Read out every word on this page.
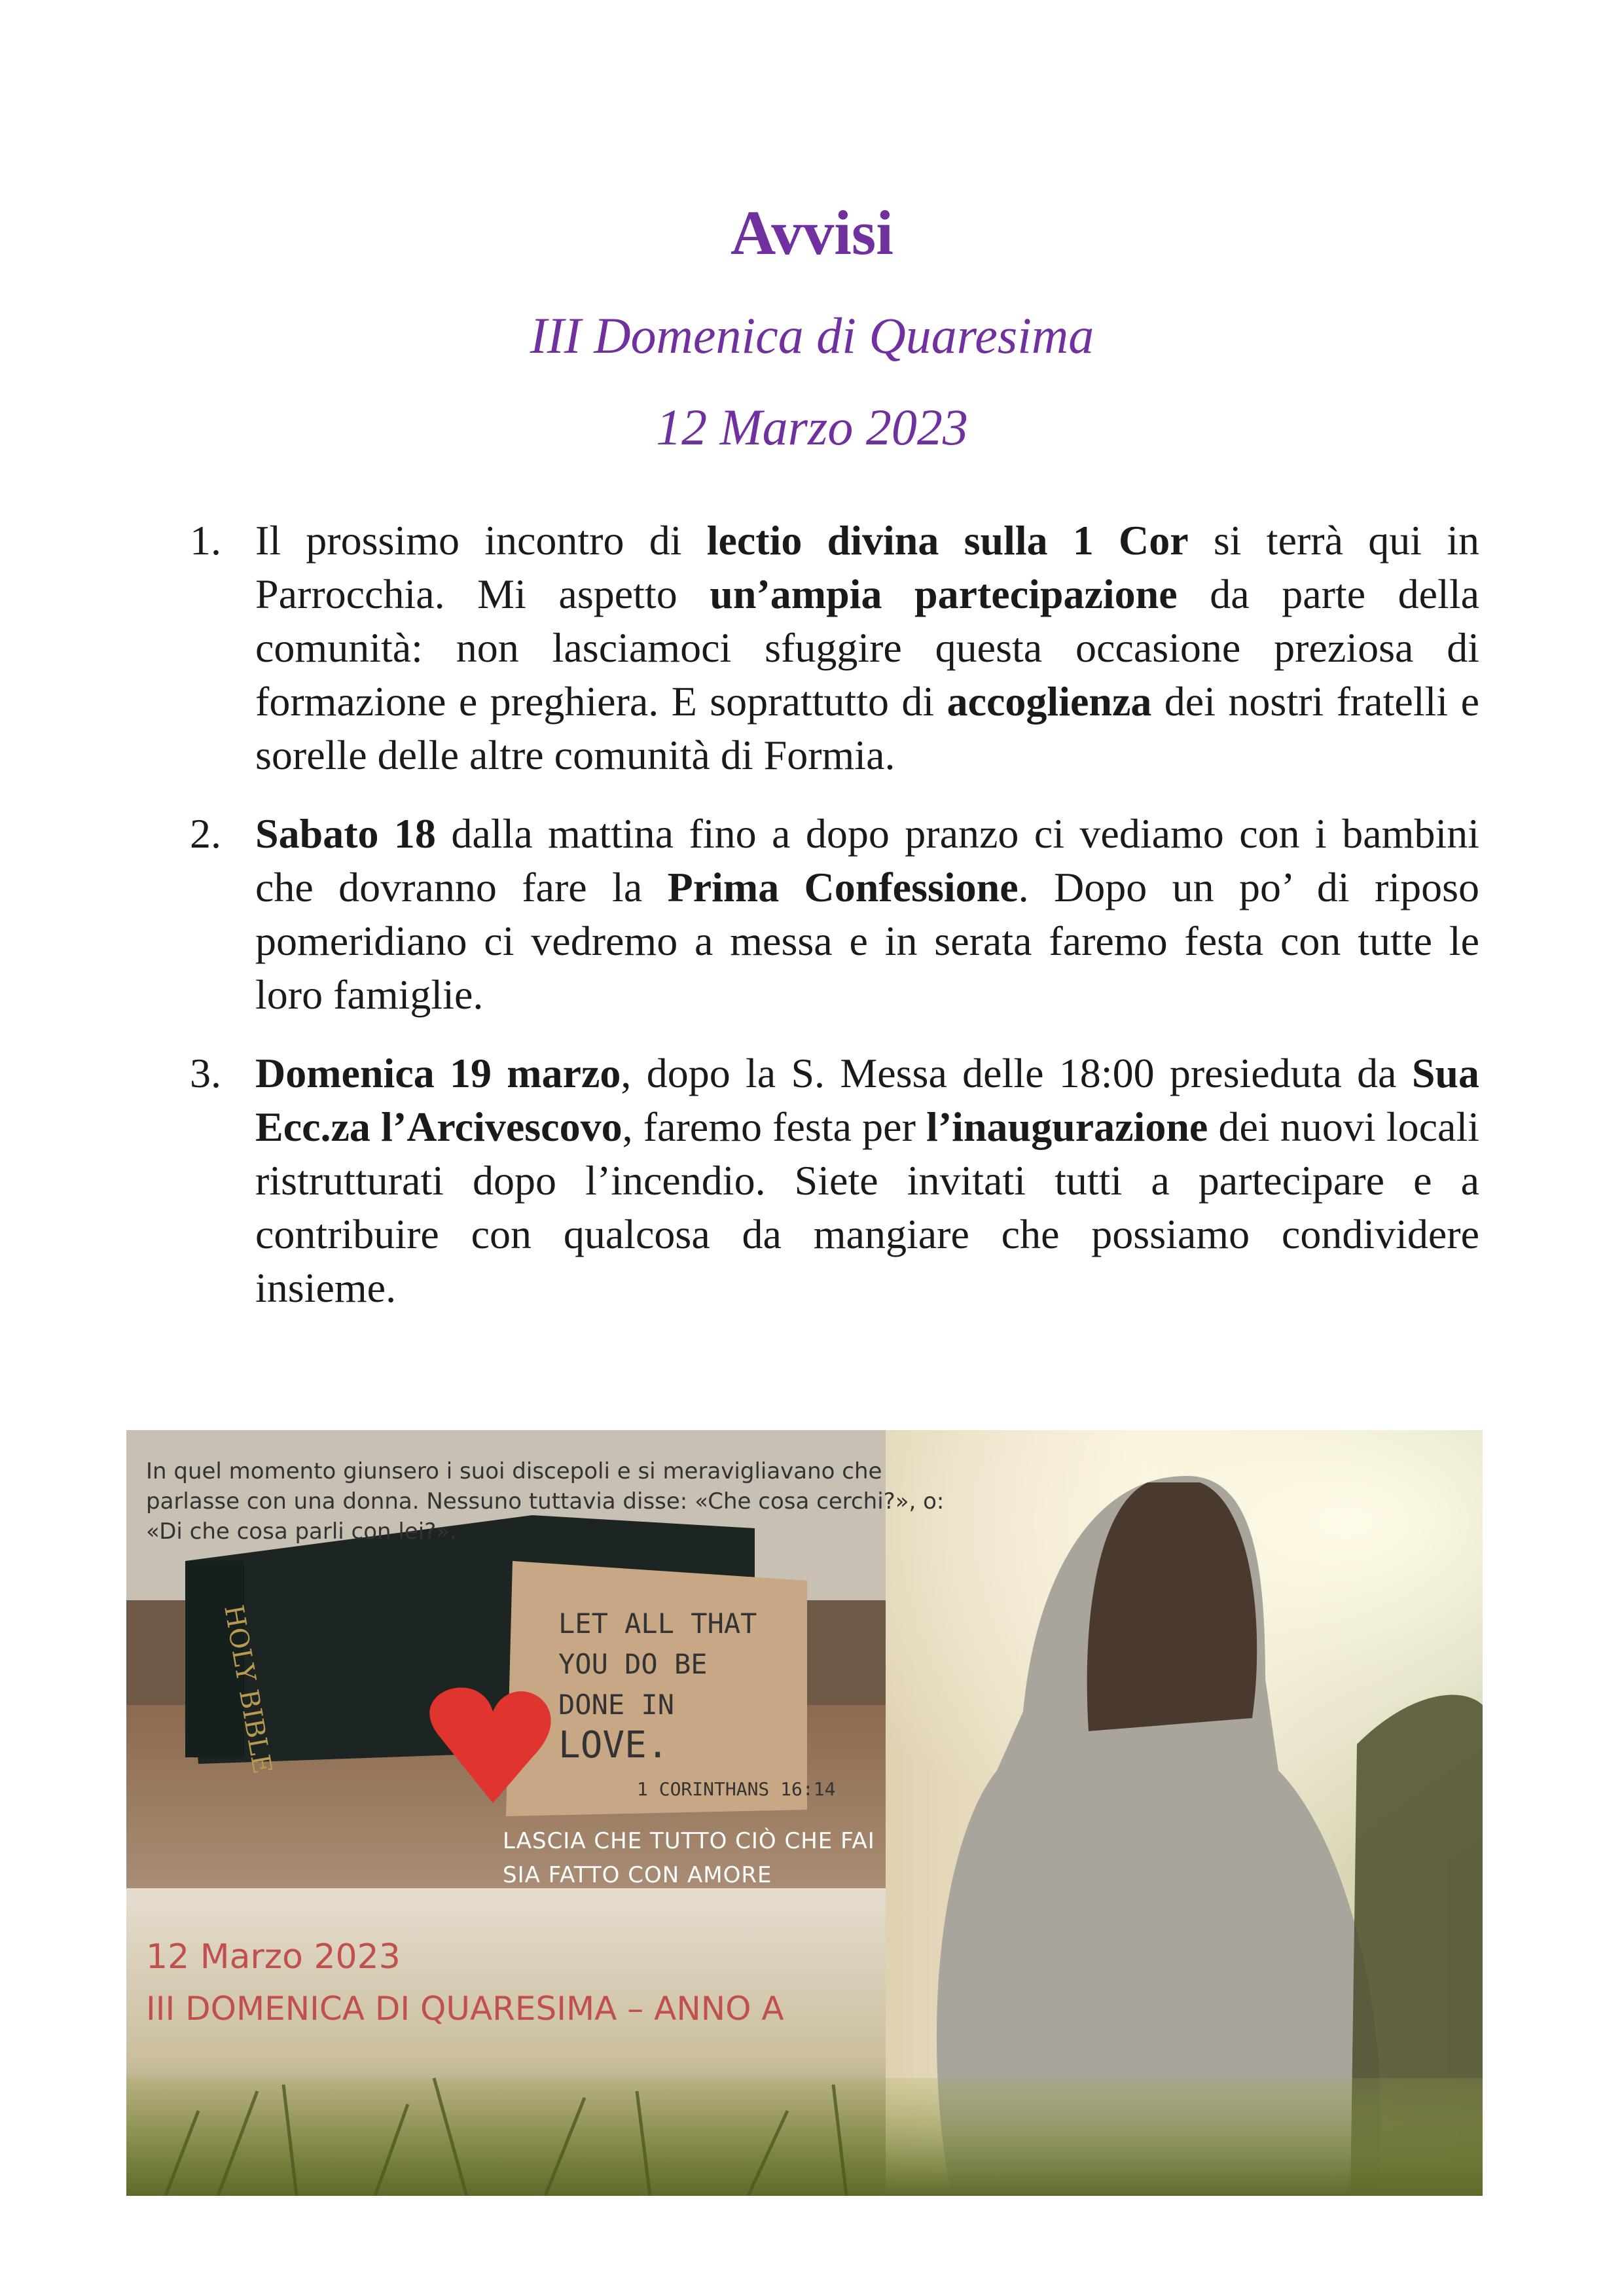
Avvisi
III Domenica di Quaresima
12 Marzo 2023
1. Il prossimo incontro di lectio divina sulla 1 Cor si terrà qui in Parrocchia. Mi aspetto un’ampia partecipazione da parte della comunità: non lasciamoci sfuggire questa occasione preziosa di formazione e preghiera. E soprattutto di accoglienza dei nostri fratelli e sorelle delle altre comunità di Formia.
2. Sabato 18 dalla mattina fino a dopo pranzo ci vediamo con i bambini che dovranno fare la Prima Confessione. Dopo un po’ di riposo pomeridiano ci vedremo a messa e in serata faremo festa con tutte le loro famiglie.
3. Domenica 19 marzo, dopo la S. Messa delle 18:00 presieduta da Sua Ecc.za l’Arcivescovo, faremo festa per l’inaugurazione dei nuovi locali ristrutturati dopo l’incendio. Siete invitati tutti a partecipare e a contribuire con qualcosa da mangiare che possiamo condividere insieme.
HOLY BIBLE
In quel momento giunsero i suoi discepoli e si meravigliavano che parlasse con una donna. Nessuno tuttavia disse: «Che cosa cerchi?», o: «Di che cosa parli con lei?».
LET ALL THAT
YOU DO BE
DONE IN
LOVE.
1 CORINTHANS 16:14
LASCIA CHE TUTTO CIÒ CHE FAI
SIA FATTO CON AMORE
12 Marzo 2023
III DOMENICA DI QUARESIMA – ANNO A
